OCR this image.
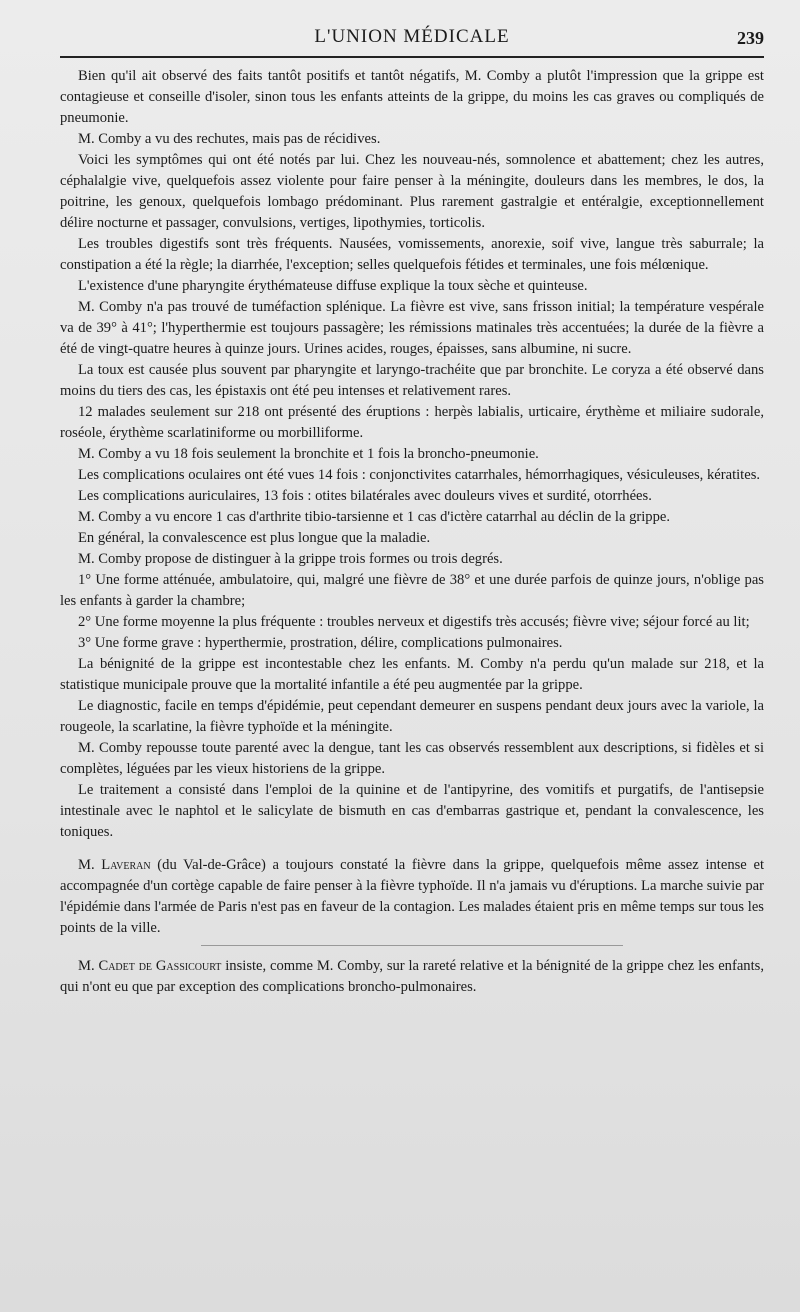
L'UNION MÉDICALE	239

Bien qu'il ait observé des faits tantôt positifs et tantôt négatifs, M. Comby a plutôt l'impression que la grippe est contagieuse et conseille d'isoler, sinon tous les enfants atteints de la grippe, du moins les cas graves ou compliqués de pneumonie.

M. Comby a vu des rechutes, mais pas de récidives.

Voici les symptômes qui ont été notés par lui. Chez les nouveau-nés, somnolence et abattement; chez les autres, céphalalgie vive, quelquefois assez violente pour faire penser à la méningite, douleurs dans les membres, le dos, la poitrine, les genoux, quelquefois lombago prédominant. Plus rarement gastralgie et entéralgie, exceptionnellement délire nocturne et passager, convulsions, vertiges, lipothymies, torticolis.

Les troubles digestifs sont très fréquents. Nausées, vomissements, anorexie, soif vive, langue très saburrale; la constipation a été la règle; la diarrhée, l'exception; selles quelquefois fétides et terminales, une fois mélœnique.

L'existence d'une pharyngite érythémateuse diffuse explique la toux sèche et quinteuse.

M. Comby n'a pas trouvé de tuméfaction splénique. La fièvre est vive, sans frisson initial; la température vespérale va de 39° à 41°; l'hyperthermie est toujours passagère; les rémissions matinales très accentuées; la durée de la fièvre a été de vingt-quatre heures à quinze jours. Urines acides, rouges, épaisses, sans albumine, ni sucre.

La toux est causée plus souvent par pharyngite et laryngo-trachéite que par bronchite. Le coryza a été observé dans moins du tiers des cas, les épistaxis ont été peu intenses et relativement rares.

12 malades seulement sur 218 ont présenté des éruptions : herpès labialis, urticaire, érythème et miliaire sudorale, roséole, érythème scarlatiniforme ou morbilliforme.

M. Comby a vu 18 fois seulement la bronchite et 1 fois la broncho-pneumonie.

Les complications oculaires ont été vues 14 fois : conjonctivites catarrhales, hémorrhagiques, vésiculeuses, kératites.

Les complications auriculaires, 13 fois : otites bilatérales avec douleurs vives et surdité, otorrhées.

M. Comby a vu encore 1 cas d'arthrite tibio-tarsienne et 1 cas d'ictère catarrhal au déclin de la grippe.

En général, la convalescence est plus longue que la maladie.

M. Comby propose de distinguer à la grippe trois formes ou trois degrés.

1° Une forme atténuée, ambulatoire, qui, malgré une fièvre de 38° et une durée parfois de quinze jours, n'oblige pas les enfants à garder la chambre;

2° Une forme moyenne la plus fréquente : troubles nerveux et digestifs très accusés; fièvre vive; séjour forcé au lit;

3° Une forme grave : hyperthermie, prostration, délire, complications pulmonaires.

La bénignité de la grippe est incontestable chez les enfants. M. Comby n'a perdu qu'un malade sur 218, et la statistique municipale prouve que la mortalité infantile a été peu augmentée par la grippe.

Le diagnostic, facile en temps d'épidémie, peut cependant demeurer en suspens pendant deux jours avec la variole, la rougeole, la scarlatine, la fièvre typhoïde et la méningite.

M. Comby repousse toute parenté avec la dengue, tant les cas observés ressemblent aux descriptions, si fidèles et si complètes, léguées par les vieux historiens de la grippe.

Le traitement a consisté dans l'emploi de la quinine et de l'antipyrine, des vomitifs et purgatifs, de l'antisepsie intestinale avec le naphtol et le salicylate de bismuth en cas d'embarras gastrique et, pendant la convalescence, les toniques.

M. Laveran (du Val-de-Grâce) a toujours constaté la fièvre dans la grippe, quelquefois même assez intense et accompagnée d'un cortège capable de faire penser à la fièvre typhoïde. Il n'a jamais vu d'éruptions. La marche suivie par l'épidémie dans l'armée de Paris n'est pas en faveur de la contagion. Les malades étaient pris en même temps sur tous les points de la ville.

M. Cadet de Gassicourt insiste, comme M. Comby, sur la rareté relative et la bénignité de la grippe chez les enfants, qui n'ont eu que par exception des complications broncho-pulmonaires.
